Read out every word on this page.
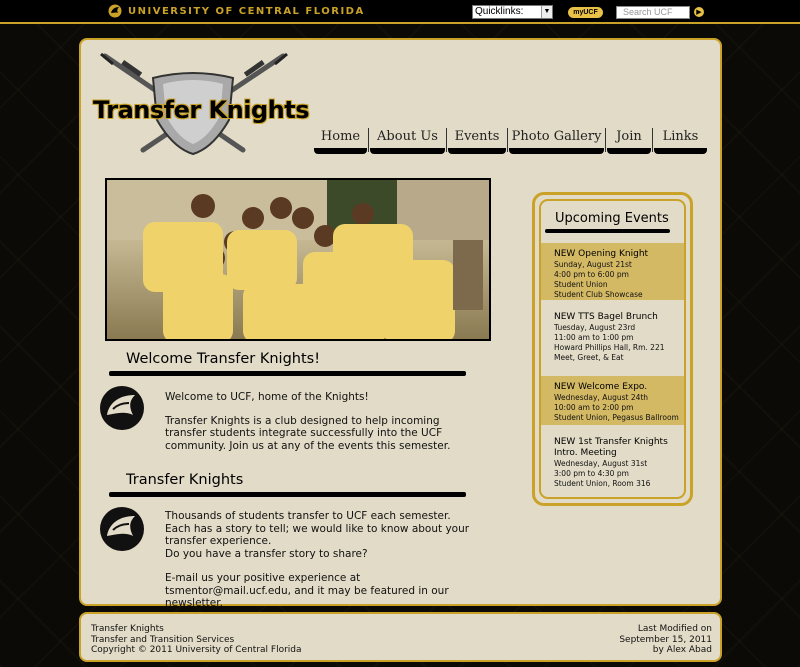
UNIVERSITY OF CENTRAL FLORIDA	Quicklinks:	▼	myUCF	Search UCF	▶
Transfer Knights
Home	About Us	Events Photo Gallery	Join	Links
Welcome Transfer Knights!

Welcome to UCF, home of the Knights!

Transfer Knights is a club designed to help incoming transfer students integrate successfully into the UCF community. Join us at any of the events this semester.

Transfer Knights

Thousands of students transfer to UCF each semester. Each has a story to tell; we would like to know about your transfer experience.

Do you have a transfer story to share?

E-mail us your positive experience at tsmentor@mail.ucf.edu, and it may be featured in our newsletter.

Upcoming Events
NEW Opening Knight
Sunday, August 21st
4:00 pm to 6:00 pm
Student Union
Student Club Showcase
NEW TTS Bagel Brunch
Tuesday, August 23rd
11:00 am to 1:00 pm
Howard Phillips Hall, Rm. 221
Meet, Greet, & Eat
NEW Welcome Expo.
Wednesday, August 24th
10:00 am to 2:00 pm
Student Union, Pegasus Ballroom
NEW 1st Transfer Knights Intro. Meeting
Wednesday, August 31st
3:00 pm to 4:30 pm
Student Union, Room 316
Transfer Knights
Transfer and Transition Services
Copyright © 2011 University of Central Florida
Last Modified on
September 15, 2011
by Alex Abad
